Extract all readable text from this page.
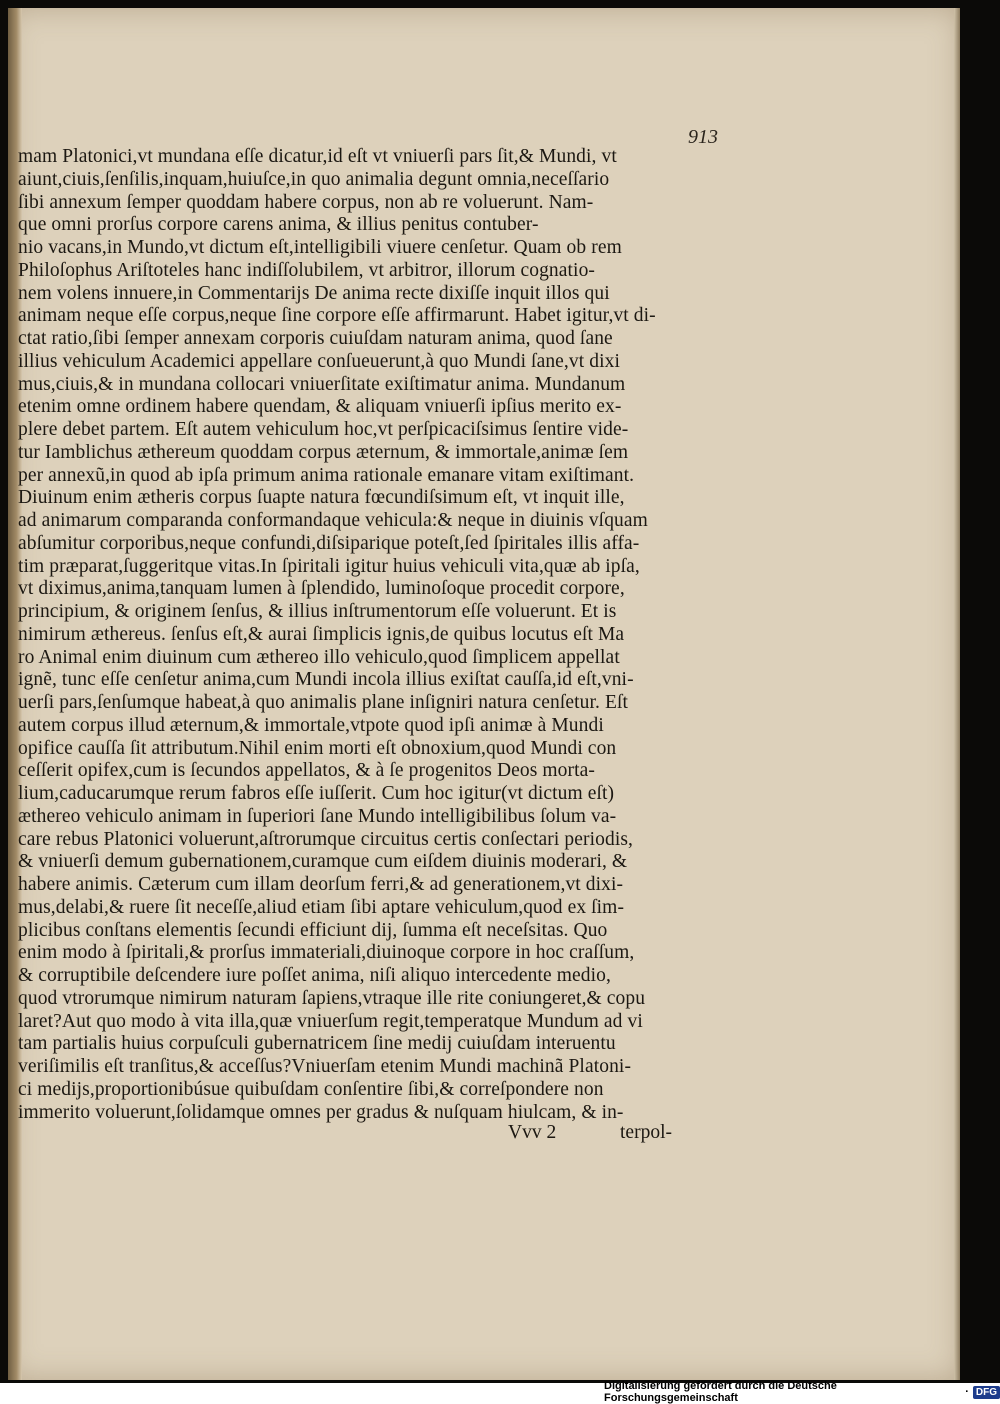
913
mam Platonici,vt mundana eſſe dicatur,id eſt vt vniuerſi pars ſit,& Mundi, vt
aiunt,ciuis,ſenſilis,inquam,huiuſce,in quo animalia degunt omnia,neceſſario
ſibi annexum ſemper quoddam habere corpus, non ab re voluerunt. Nam-
que omni prorſus corpore carens anima, & illius penitus contuber-
nio vacans,in Mundo,vt dictum eſt,intelligibili viuere cenſetur. Quam ob rem
Philoſophus Ariſtoteles hanc indiſſolubilem, vt arbitror, illorum cognatio-
nem volens innuere,in Commentarijs De anima recte dixiſſe inquit illos qui
animam neque eſſe corpus,neque ſine corpore eſſe affirmarunt. Habet igitur,vt di-
ctat ratio,ſibi ſemper annexam corporis cuiuſdam naturam anima, quod ſane
illius vehiculum Academici appellare conſueuerunt,à quo Mundi ſane,vt dixi
mus,ciuis,& in mundana collocari vniuerſitate exiſtimatur anima. Mundanum
etenim omne ordinem habere quendam, & aliquam vniuerſi ipſius merito ex-
plere debet partem. Eſt autem vehiculum hoc,vt perſpicaciſsimus ſentire vide-
tur Iamblichus æthereum quoddam corpus æternum, & immortale,animæ ſem
per annexũ,in quod ab ipſa primum anima rationale emanare vitam exiſtimant.
Diuinum enim ætheris corpus ſuapte natura fœcundiſsimum eſt, vt inquit ille,
ad animarum comparanda conformandaque vehicula:& neque in diuinis vſquam
abſumitur corporibus,neque confundi,diſsiparique poteſt,ſed ſpiritales illis affa-
tim præparat,ſuggeritque vitas.In ſpiritali igitur huius vehiculi vita,quæ ab ipſa,
vt diximus,anima,tanquam lumen à ſplendido, luminoſoque procedit corpore,
principium, & originem ſenſus, & illius inſtrumentorum eſſe voluerunt. Et is
nimirum æthereus. ſenſus eſt,& aurai ſimplicis ignis,de quibus locutus eſt Ma
ro Animal enim diuinum cum æthereo illo vehiculo,quod ſimplicem appellat
ignẽ, tunc eſſe cenſetur anima,cum Mundi incola illius exiſtat cauſſa,id eſt,vni-
uerſi pars,ſenſumque habeat,à quo animalis plane inſigniri natura cenſetur. Eſt
autem corpus illud æternum,& immortale,vtpote quod ipſi animæ à Mundi
opifice cauſſa ſit attributum.Nihil enim morti eſt obnoxium,quod Mundi con
ceſſerit opifex,cum is ſecundos appellatos, & à ſe progenitos Deos morta-
lium,caducarumque rerum fabros eſſe iuſſerit. Cum hoc igitur(vt dictum eſt)
æthereo vehiculo animam in ſuperiori ſane Mundo intelligibilibus ſolum va-
care rebus Platonici voluerunt,aſtrorumque circuitus certis conſectari periodis,
& vniuerſi demum gubernationem,curamque cum eiſdem diuinis moderari, &
habere animis. Cæterum cum illam deorſum ferri,& ad generationem,vt dixi-
mus,delabi,& ruere ſit neceſſe,aliud etiam ſibi aptare vehiculum,quod ex ſim-
plicibus conſtans elementis ſecundi efficiunt dij, ſumma eſt neceſsitas. Quo
enim modo à ſpiritali,& prorſus immateriali,diuinoque corpore in hoc craſſum,
& corruptibile deſcendere iure poſſet anima, niſi aliquo intercedente medio,
quod vtrorumque nimirum naturam ſapiens,vtraque ille rite coniungeret,& copu
laret?Aut quo modo à vita illa,quæ vniuerſum regit,temperatque Mundum ad vi
tam partialis huius corpuſculi gubernatricem ſine medij cuiuſdam interuentu
veriſimilis eſt tranſitus,& acceſſus?Vniuerſam etenim Mundi machinã Platoni-
ci medijs,proportionibúsue quibuſdam conſentire ſibi,& correſpondere non
immerito voluerunt,ſolidamque omnes per gradus & nuſquam hiulcam, & in-
Vvv 2	terpol-
Digitalisierung gefördert durch die Deutsche Forschungsgemeinschaft	· DFG
